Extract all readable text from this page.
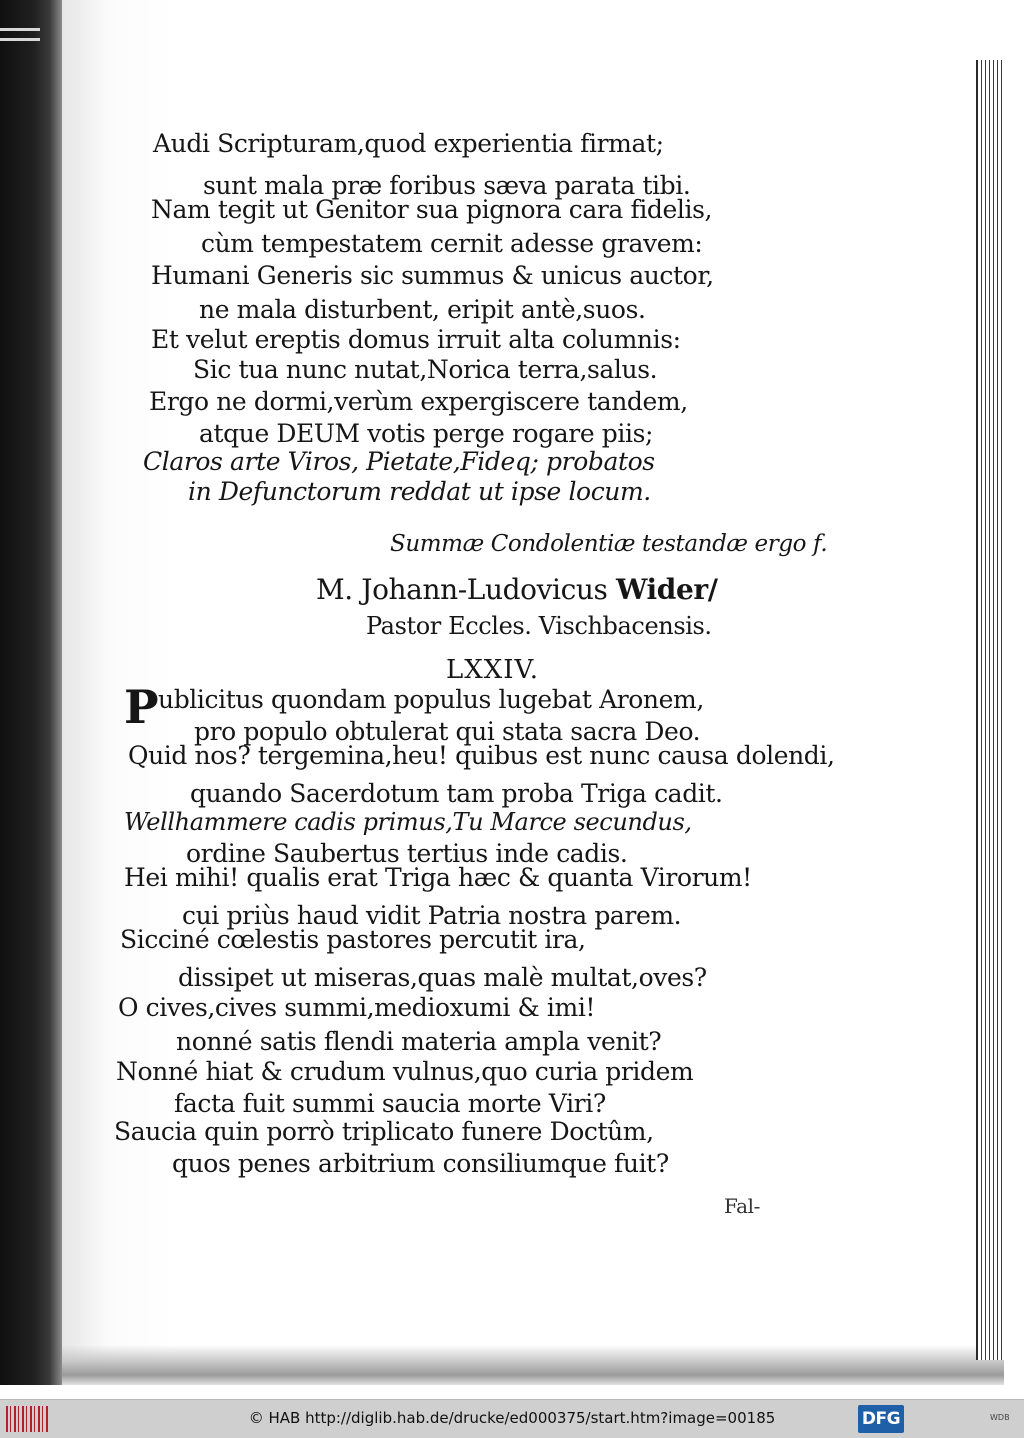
Audi Scripturam,quod experientia firmat;
sunt mala præ foribus sæva parata tibi.
Nam tegit ut Genitor sua pignora cara fidelis,
cùm tempestatem cernit adesse gravem:
Humani Generis sic summus & unicus auctor,
ne mala disturbent, eripit antè,suos.
Et velut ereptis domus irruit alta columnis:
Sic tua nunc nutat,Norica terra,salus.
Ergo ne dormi,verùm expergiscere tandem,
atque DEUM votis perge rogare piis;
Claros arte Viros, Pietate,Fideq; probatos
in Defunctorum reddat ut ipse locum.
Summæ Condolentiæ testandæ ergo f.
M. Johann-Ludovicus Wider/
Pastor Eccles. Vischbacensis.
LXXIV.
P ublicitus quondam populus lugebat Aronem,
pro populo obtulerat qui stata sacra Deo.
Quid nos? tergemina,heu! quibus est nunc causa dolendi,
quando Sacerdotum tam proba Triga cadit.
Wellhammere cadis primus,Tu Marce secundus,
ordine Saubertus tertius inde cadis.
Hei mihi! qualis erat Triga hæc & quanta Virorum!
cui priùs haud vidit Patria nostra parem.
Sicciné cœlestis pastores percutit ira,
dissipet ut miseras,quas malè multat,oves?
O cives,cives summi,medioxumi & imi!
nonné satis flendi materia ampla venit?
Nonné hiat & crudum vulnus,quo curia pridem
facta fuit summi saucia morte Viri?
Saucia quin porrò triplicato funere Doctûm,
quos penes arbitrium consiliumque fuit?
Fal-
© HAB http://diglib.hab.de/drucke/ed000375/start.htm?image=00185	DFG	WDB
